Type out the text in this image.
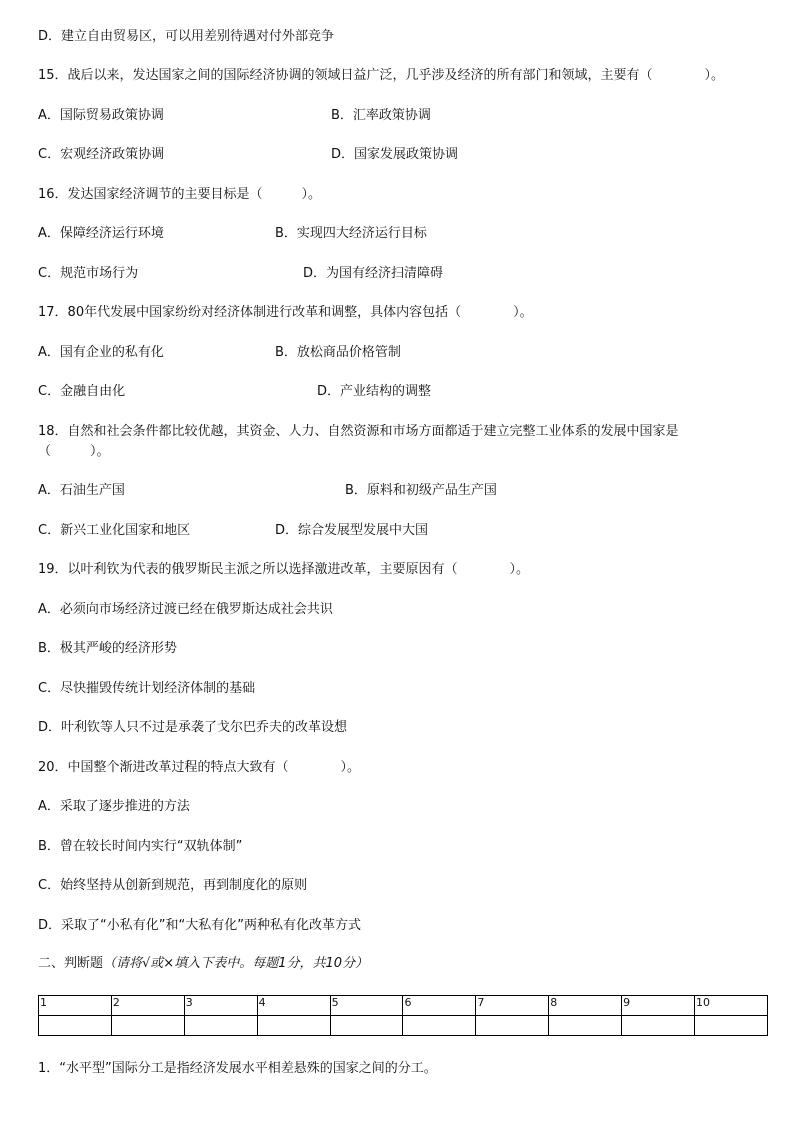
D．建立自由贸易区，可以用差别待遇对付外部竞争
15．战后以来，发达国家之间的国际经济协调的领域日益广泛，几乎涉及经济的所有部门和领域，主要有（　　　　）。
A．国际贸易政策协调	B．汇率政策协调
C．宏观经济政策协调	D．国家发展政策协调
16．发达国家经济调节的主要目标是（　　　）。
A．保障经济运行环境	B．实现四大经济运行目标
C．规范市场行为	D．为国有经济扫清障碍
17．80年代发展中国家纷纷对经济体制进行改革和调整，具体内容包括（　　　　）。
A．国有企业的私有化	B．放松商品价格管制
C．金融自由化	D．产业结构的调整
18．自然和社会条件都比较优越，其资金、人力、自然资源和市场方面都适于建立完整工业体系的发展中国家是
（　　　）。
A．石油生产国	B．原料和初级产品生产国
C．新兴工业化国家和地区	D．综合发展型发展中大国
19．以叶利钦为代表的俄罗斯民主派之所以选择激进改革，主要原因有（　　　　）。
A．必须向市场经济过渡已经在俄罗斯达成社会共识
B．极其严峻的经济形势
C．尽快摧毁传统计划经济体制的基础
D．叶利钦等人只不过是承袭了戈尔巴乔夫的改革设想
20．中国整个渐进改革过程的特点大致有（　　　　）。
A．采取了逐步推进的方法
B．曾在较长时间内实行“双轨体制”
C．始终坚持从创新到规范，再到制度化的原则
D．采取了“小私有化”和“大私有化”两种私有化改革方式
二、判断题（请将√或×填入下表中。每题1分，共10分）
1	2	3	4	5	6	7	8	9	10

1．“水平型”国际分工是指经济发展水平相差悬殊的国家之间的分工。
